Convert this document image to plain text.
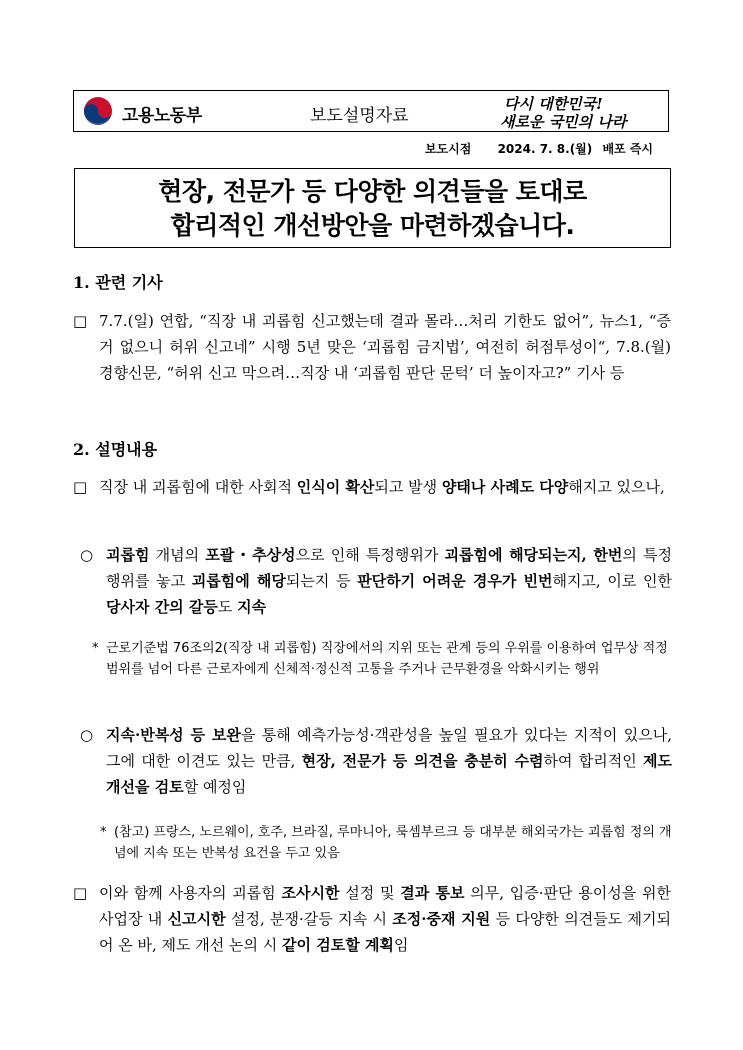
고용노동부	보도설명자료
다시 대한민국!
새로운 국민의 나라
보도시점 2024. 7. 8.(월) 배포 즉시
현장, 전문가 등 다양한 의견들을 토대로
합리적인 개선방안을 마련하겠습니다.
1. 관련 기사
□ 7.7.(일) 연합, “직장 내 괴롭힘 신고했는데 결과 몰라…처리 기한도 없어”, 뉴스1, “증거 없으니 허위 신고네” 시행 5년 맞은 ‘괴롭힘 금지법’, 여전히 허점투성이“, 7.8.(월) 경향신문, “허위 신고 막으려…직장 내 ‘괴롭힘 판단 문턱’ 더 높이자고?” 기사 등
2. 설명내용
□ 직장 내 괴롭힘에 대한 사회적 인식이 확산되고 발생 양태나 사례도 다양해지고 있으나,
○ 괴롭힘 개념의 포괄・추상성으로 인해 특정행위가 괴롭힘에 해당되는지, 한번의 특정행위를 놓고 괴롭힘에 해당되는지 등 판단하기 어려운 경우가 빈번해지고, 이로 인한 당사자 간의 갈등도 지속
* 근로기준법 76조의2(직장 내 괴롭힘) 직장에서의 지위 또는 관계 등의 우위를 이용하여 업무상 적정범위를 넘어 다른 근로자에게 신체적·정신적 고통을 주거나 근무환경을 악화시키는 행위
○ 지속·반복성 등 보완을 통해 예측가능성·객관성을 높일 필요가 있다는 지적이 있으나, 그에 대한 이견도 있는 만큼, 현장, 전문가 등 의견을 충분히 수렴하여 합리적인 제도 개선을 검토할 예정임
* (참고) 프랑스, 노르웨이, 호주, 브라질, 루마니아, 룩셈부르크 등 대부분 해외국가는 괴롭힘 정의 개념에 지속 또는 반복성 요건을 두고 있음
□ 이와 함께 사용자의 괴롭힘 조사시한 설정 및 결과 통보 의무, 입증·판단 용이성을 위한 사업장 내 신고시한 설정, 분쟁·갈등 지속 시 조정·중재 지원 등 다양한 의견들도 제기되어 온 바, 제도 개선 논의 시 같이 검토할 계획임
